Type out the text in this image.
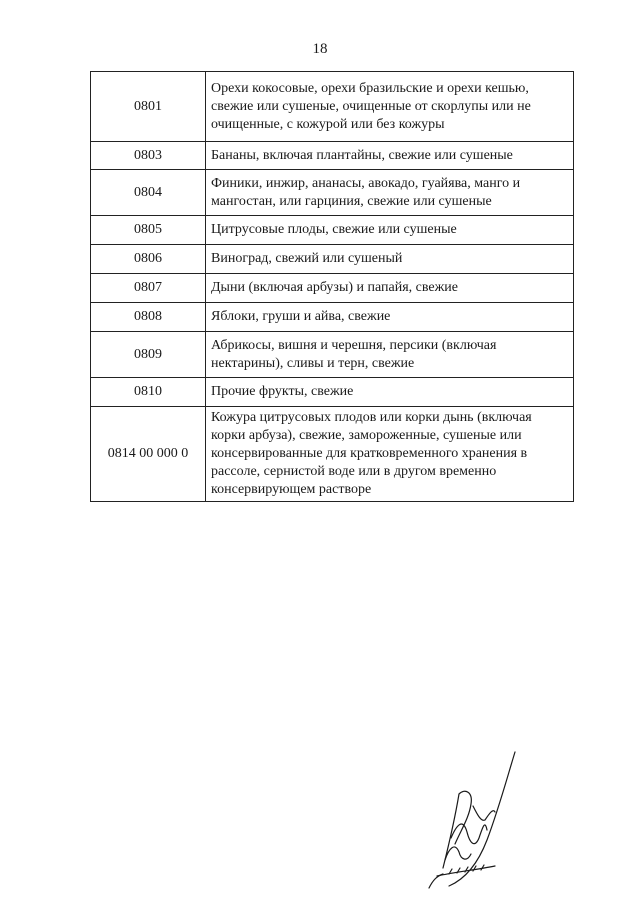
18
0801	Орехи кокосовые, орехи бразильские и орехи кешью, свежие или сушеные, очищенные от скорлупы или не очищенные, с кожурой или без кожуры
0803	Бананы, включая плантайны, свежие или сушеные
0804	Финики, инжир, ананасы, авокадо, гуайява, манго и мангостан, или гарциния, свежие или сушеные
0805	Цитрусовые плоды, свежие или сушеные
0806	Виноград, свежий или сушеный
0807	Дыни (включая арбузы) и папайя, свежие
0808	Яблоки, груши и айва, свежие
0809	Абрикосы, вишня и черешня, персики (включая нектарины), сливы и терн, свежие
0810	Прочие фрукты, свежие
0814 00 000 0	Кожура цитрусовых плодов или корки дынь (включая корки арбуза), свежие, замороженные, сушеные или консервированные для кратковременного хранения в рассоле, сернистой воде или в другом временно консервирующем растворе
